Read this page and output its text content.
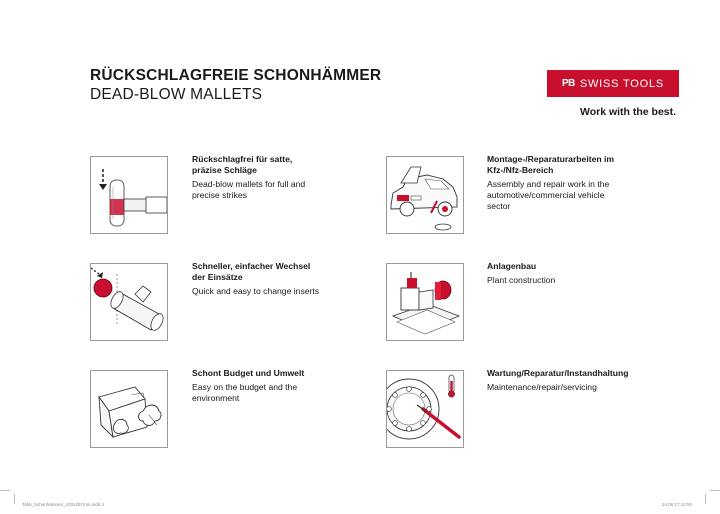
RÜCKSCHLAGFREIE SCHONHÄMMER
DEAD-BLOW MALLETS
PB SWISS TOOLS
Work with the best.
Rückschlagfrei für satte, präzise Schläge
Dead-blow mallets for full and precise strikes
Montage-/Reparaturarbeiten im Kfz-/Nfz-Bereich
Assembly and repair work in the automotive/commercial vehicle sector
Schneller, einfacher Wechsel der Einsätze
Quick and easy to change inserts
Anlagenbau
Plant construction
Schont Budget und Umwelt
Easy on the budget and the environment
Wartung/Reparatur/Instandhaltung
Maintenance/repair/servicing
Tafel_Schonhämmer_420x297mm.indd 4	14.06.17 10:50
